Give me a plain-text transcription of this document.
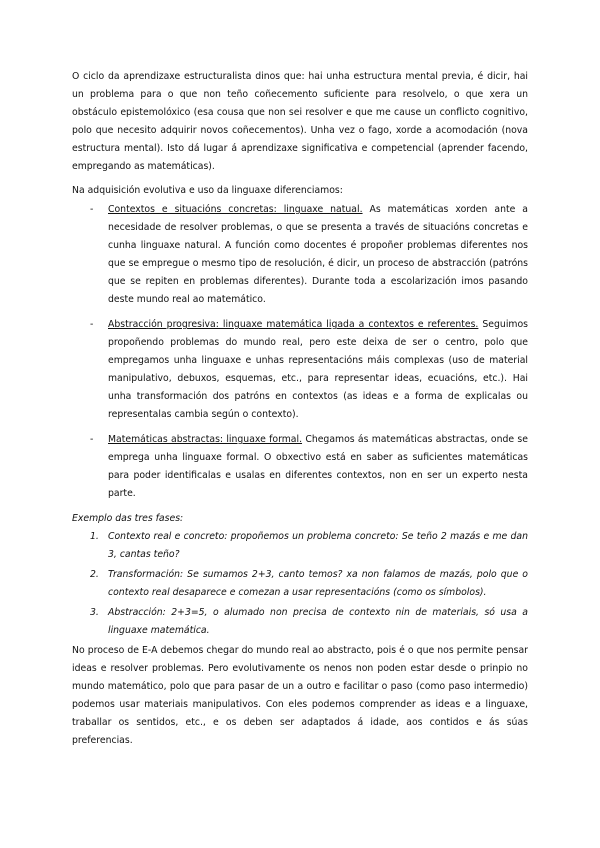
O ciclo da aprendizaxe estructuralista dinos que: hai unha estructura mental previa, é dicir, hai un problema para o que non teño coñecemento suficiente para resolvelo, o que xera un obstáculo epistemolóxico (esa cousa que non sei resolver e que me cause un conflicto cognitivo, polo que necesito adquirir novos coñecementos). Unha vez o fago, xorde a acomodación (nova estructura mental). Isto dá lugar á aprendizaxe significativa e competencial (aprender facendo, empregando as matemáticas).

Na adquisición evolutiva e uso da linguaxe diferenciamos:

- Contextos e situacións concretas: linguaxe natual. As matemáticas xorden ante a necesidade de resolver problemas, o que se presenta a través de situacións concretas e cunha linguaxe natural. A función como docentes é propoñer problemas diferentes nos que se empregue o mesmo tipo de resolución, é dicir, un proceso de abstracción (patróns que se repiten en problemas diferentes). Durante toda a escolarización imos pasando deste mundo real ao matemático.
- Abstracción progresiva: linguaxe matemática ligada a contextos e referentes. Seguimos propoñendo problemas do mundo real, pero este deixa de ser o centro, polo que empregamos unha linguaxe e unhas representacións máis complexas (uso de material manipulativo, debuxos, esquemas, etc., para representar ideas, ecuacións, etc.). Hai unha transformación dos patróns en contextos (as ideas e a forma de explicalas ou representalas cambia según o contexto).
- Matemáticas abstractas: linguaxe formal. Chegamos ás matemáticas abstractas, onde se emprega unha linguaxe formal. O obxectivo está en saber as suficientes matemáticas para poder identificalas e usalas en diferentes contextos, non en ser un experto nesta parte.

Exemplo das tres fases:

1. Contexto real e concreto: propoñemos un problema concreto: Se teño 2 mazás e me dan 3, cantas teño?
2. Transformación: Se sumamos 2+3, canto temos? xa non falamos de mazás, polo que o contexto real desaparece e comezan a usar representacións (como os símbolos).
3. Abstracción: 2+3=5, o alumado non precisa de contexto nin de materiais, só usa a linguaxe matemática.

No proceso de E-A debemos chegar do mundo real ao abstracto, pois é o que nos permite pensar ideas e resolver problemas. Pero evolutivamente os nenos non poden estar desde o prinpio no mundo matemático, polo que para pasar de un a outro e facilitar o paso (como paso intermedio) podemos usar materiais manipulativos. Con eles podemos comprender as ideas e a linguaxe, traballar os sentidos, etc., e os deben ser adaptados á idade, aos contidos e ás súas preferencias.
